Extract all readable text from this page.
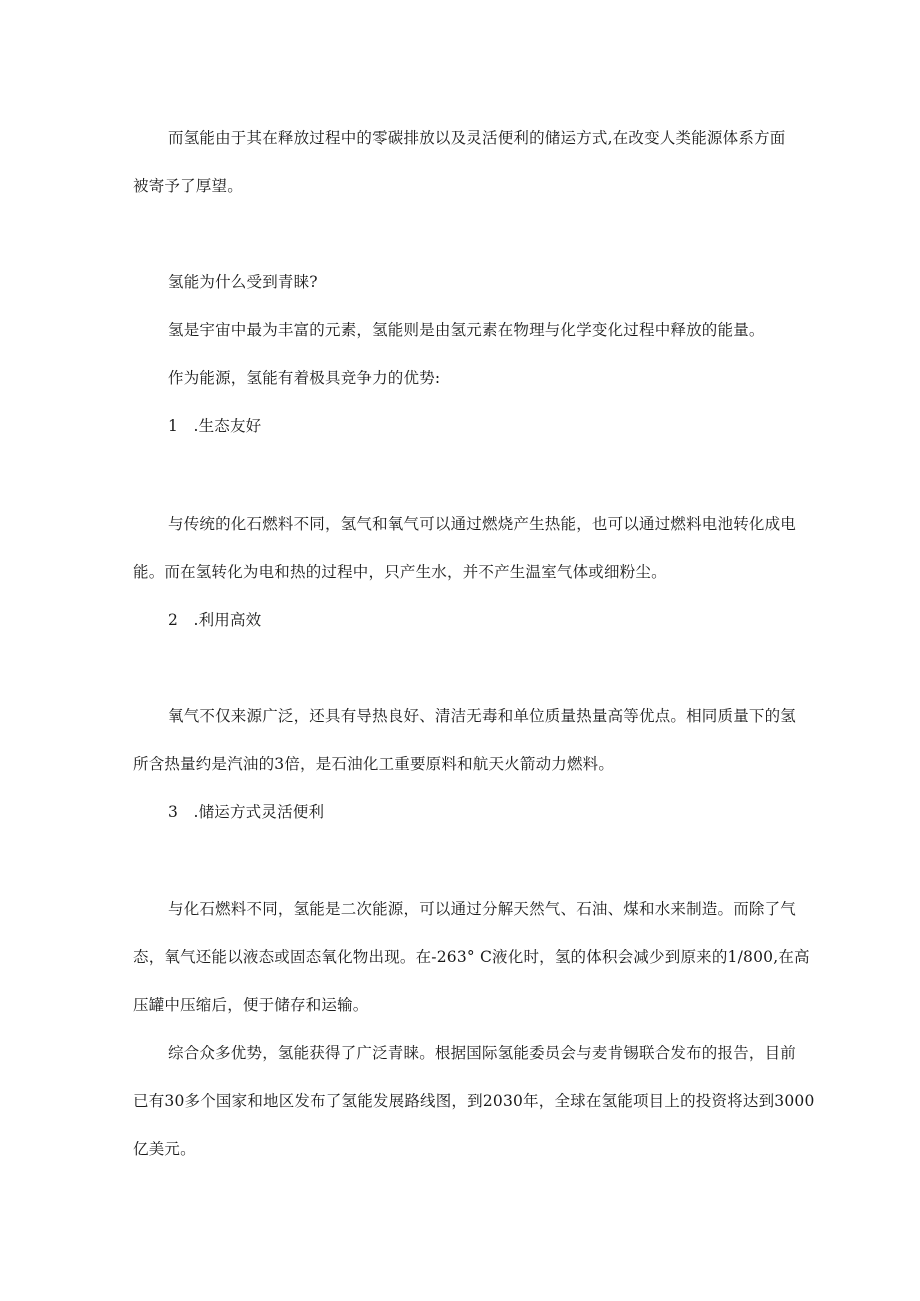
而氢能由于其在释放过程中的零碳排放以及灵活便利的储运方式,在改变人类能源体系方面

被寄予了厚望。

氢能为什么受到青睐?

氢是宇宙中最为丰富的元素，氢能则是由氢元素在物理与化学变化过程中释放的能量。

作为能源，氢能有着极具竞争力的优势:

1 .生态友好

与传统的化石燃料不同，氢气和氧气可以通过燃烧产生热能，也可以通过燃料电池转化成电

能。而在氢转化为电和热的过程中，只产生水，并不产生温室气体或细粉尘。

2 .利用高效

氧气不仅来源广泛，还具有导热良好、清洁无毒和单位质量热量高等优点。相同质量下的氢

所含热量约是汽油的3倍，是石油化工重要原料和航天火箭动力燃料。

3 .储运方式灵活便利

与化石燃料不同，氢能是二次能源，可以通过分解天然气、石油、煤和水来制造。而除了气

态，氧气还能以液态或固态氧化物出现。在-263° C液化时，氢的体积会减少到原来的1/800,在高

压罐中压缩后，便于储存和运输。

综合众多优势，氢能获得了广泛青睐。根据国际氢能委员会与麦肯锡联合发布的报告，目前

已有30多个国家和地区发布了氢能发展路线图，到2030年，全球在氢能项目上的投资将达到3000

亿美元。
